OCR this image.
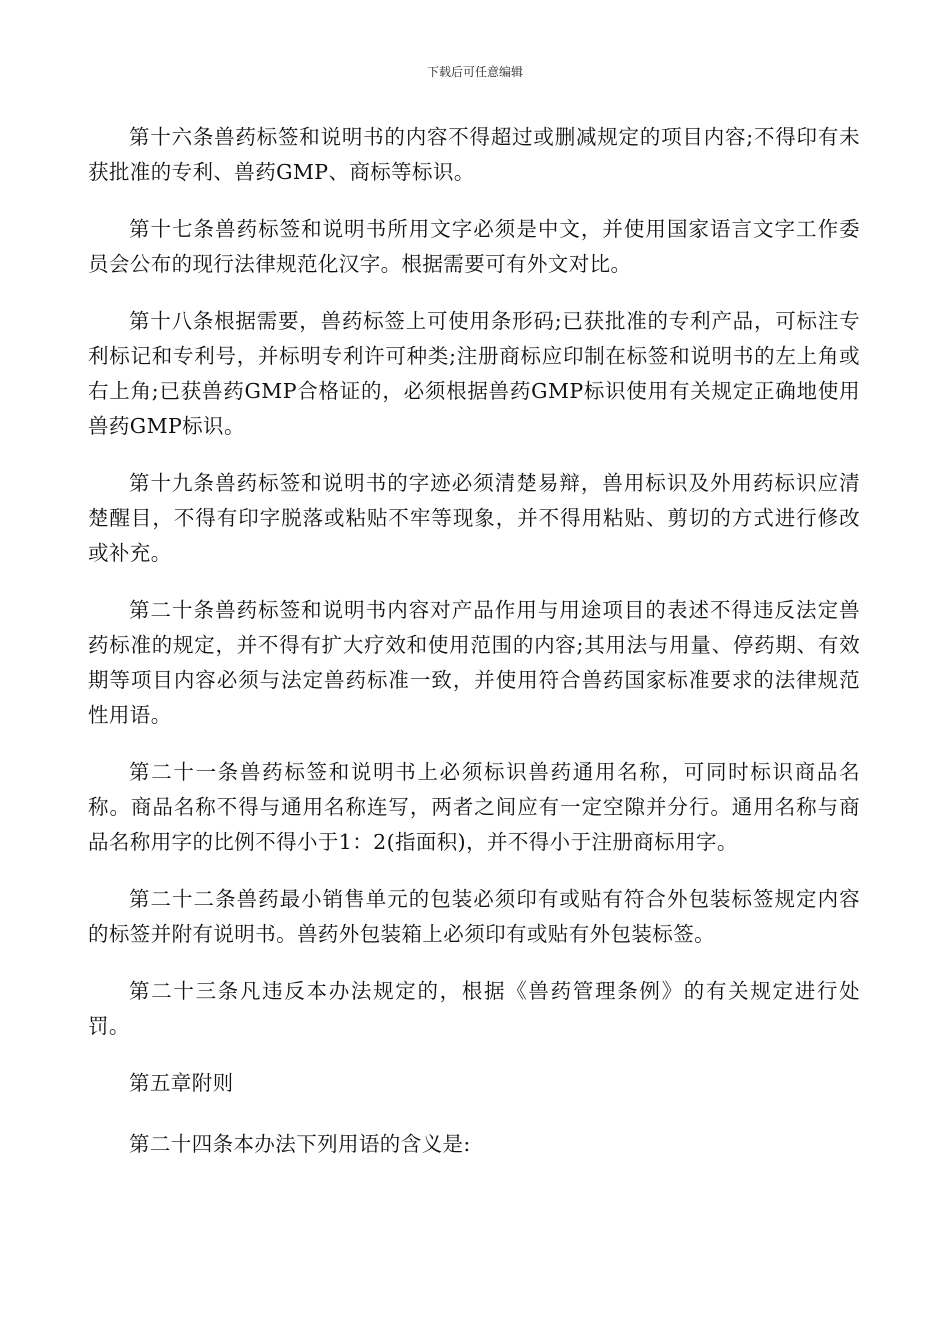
下载后可任意编辑

第十六条兽药标签和说明书的内容不得超过或删减规定的项目内容;不得印有未获批准的专利、兽药GMP、商标等标识。

第十七条兽药标签和说明书所用文字必须是中文，并使用国家语言文字工作委员会公布的现行法律规范化汉字。根据需要可有外文对比。

第十八条根据需要，兽药标签上可使用条形码;已获批准的专利产品，可标注专利标记和专利号，并标明专利许可种类;注册商标应印制在标签和说明书的左上角或右上角;已获兽药GMP合格证的，必须根据兽药GMP标识使用有关规定正确地使用兽药GMP标识。

第十九条兽药标签和说明书的字迹必须清楚易辩，兽用标识及外用药标识应清楚醒目，不得有印字脱落或粘贴不牢等现象，并不得用粘贴、剪切的方式进行修改或补充。

第二十条兽药标签和说明书内容对产品作用与用途项目的表述不得违反法定兽药标准的规定，并不得有扩大疗效和使用范围的内容;其用法与用量、停药期、有效期等项目内容必须与法定兽药标准一致，并使用符合兽药国家标准要求的法律规范性用语。

第二十一条兽药标签和说明书上必须标识兽药通用名称，可同时标识商品名称。商品名称不得与通用名称连写，两者之间应有一定空隙并分行。通用名称与商品名称用字的比例不得小于1：2(指面积)，并不得小于注册商标用字。

第二十二条兽药最小销售单元的包装必须印有或贴有符合外包装标签规定内容的标签并附有说明书。兽药外包装箱上必须印有或贴有外包装标签。

第二十三条凡违反本办法规定的，根据《兽药管理条例》的有关规定进行处罚。

第五章附则

第二十四条本办法下列用语的含义是:
